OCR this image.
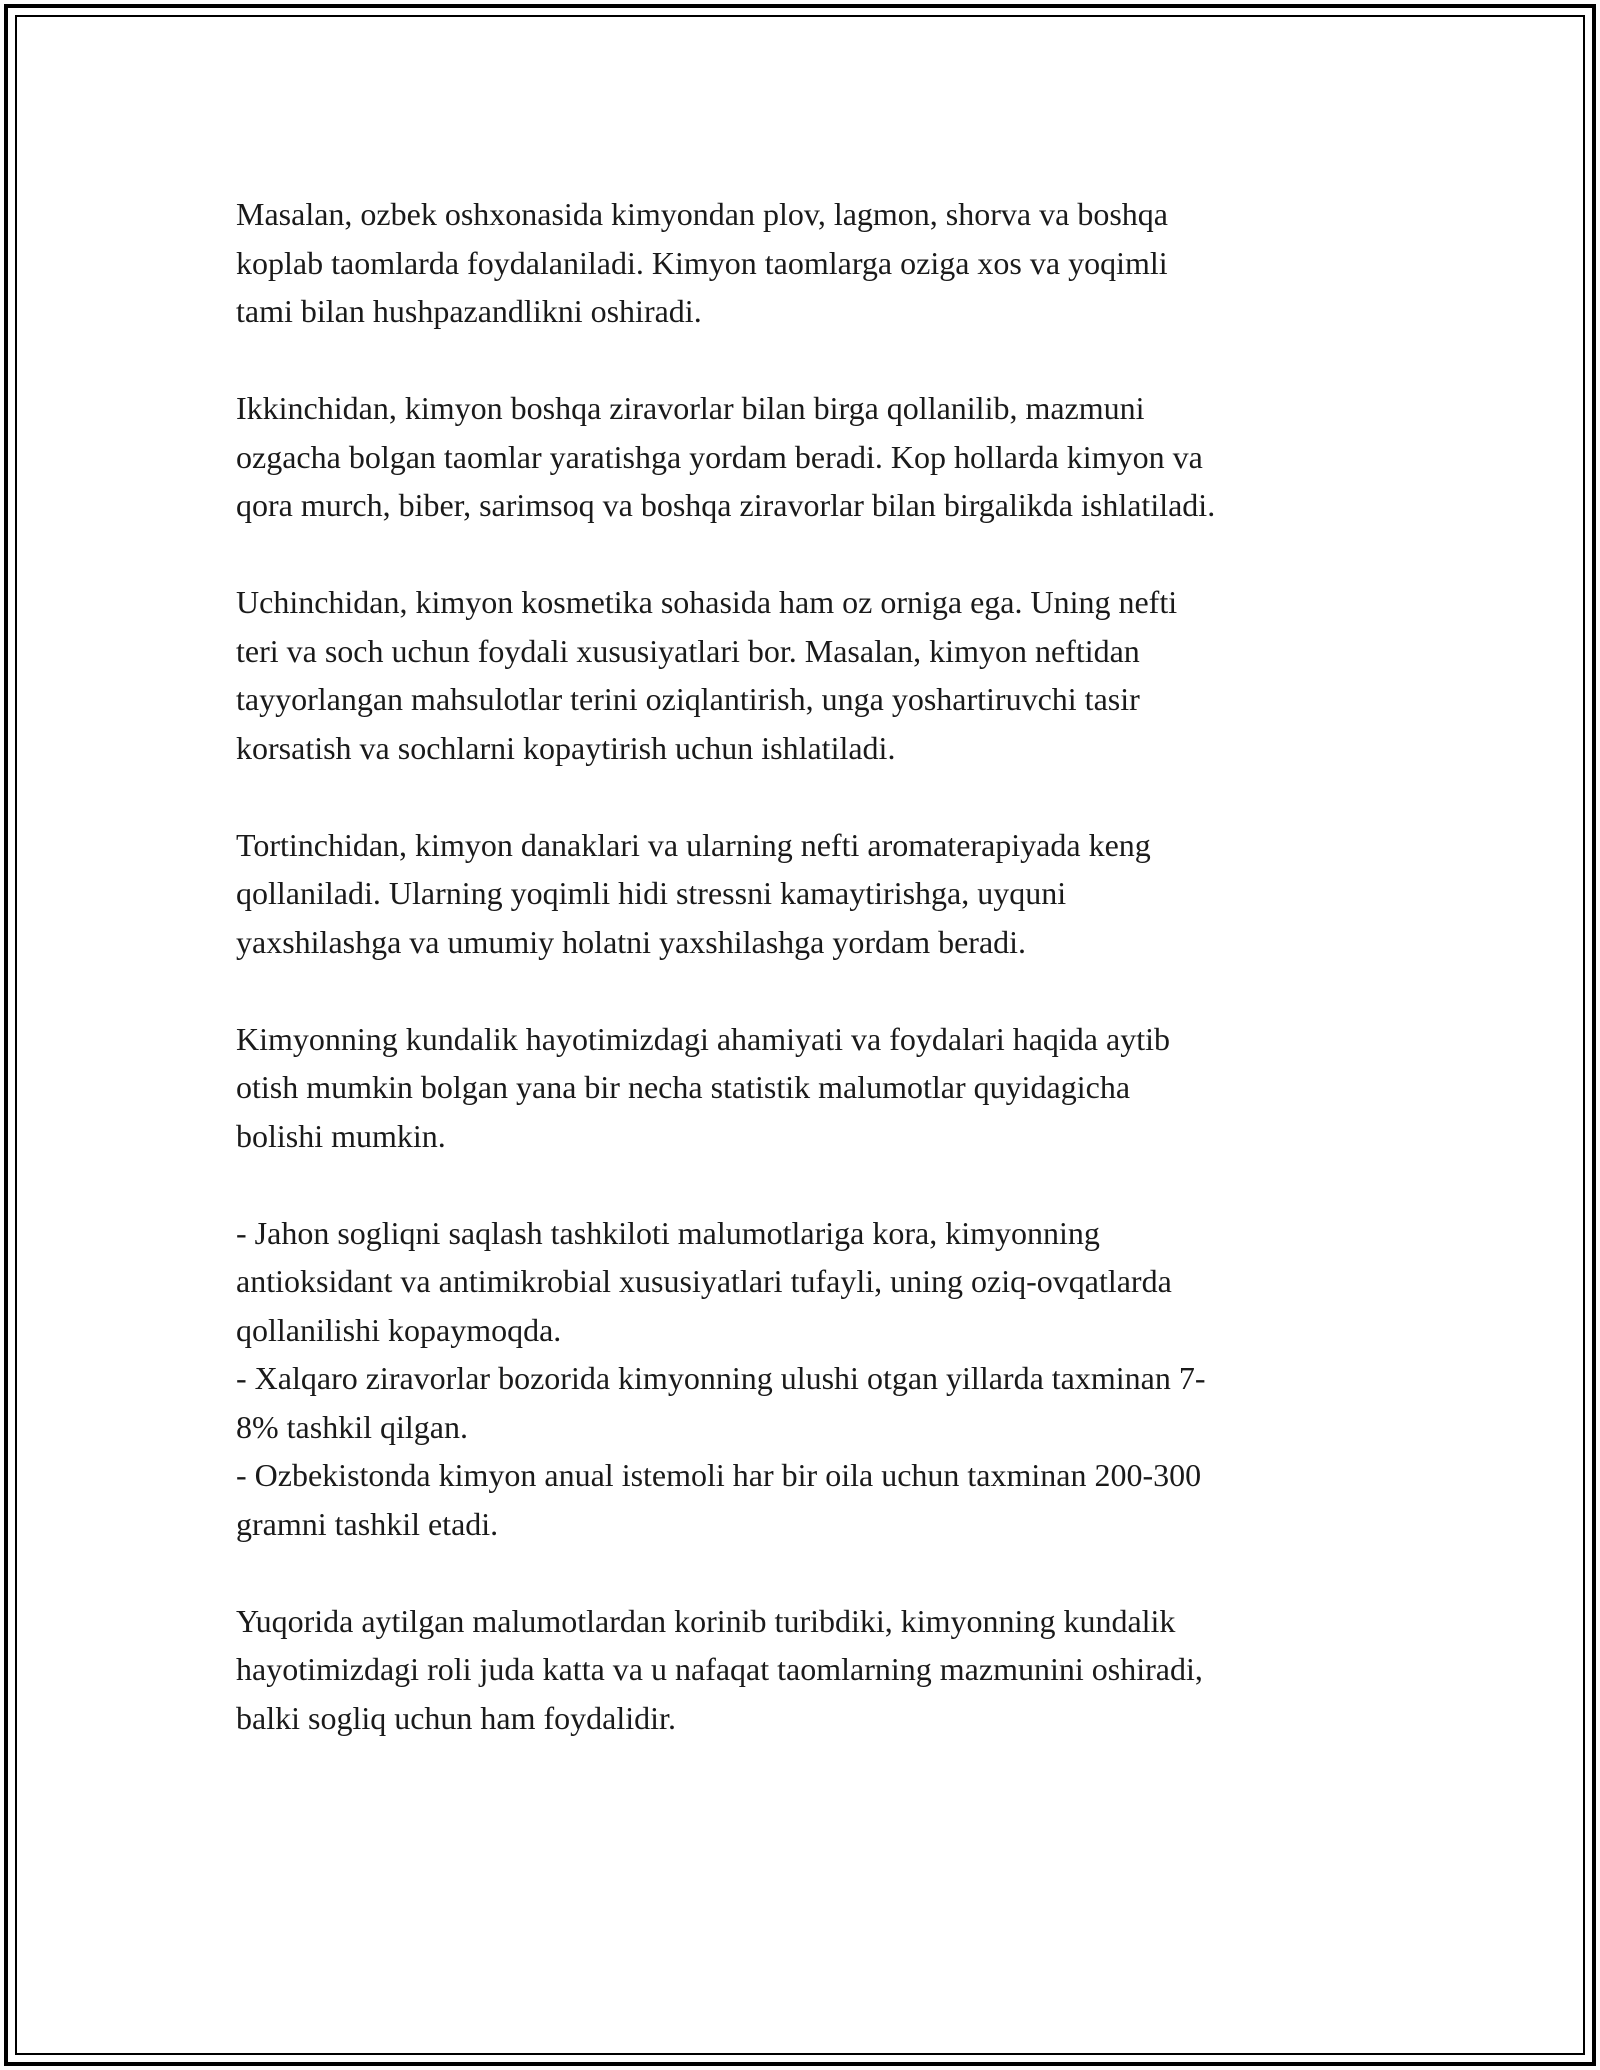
Masalan, ozbek oshxonasida kimyondan plov, lagmon, shorva va boshqa
koplab taomlarda foydalaniladi. Kimyon taomlarga oziga xos va yoqimli
tami bilan hushpazandlikni oshiradi.

Ikkinchidan, kimyon boshqa ziravorlar bilan birga qollanilib, mazmuni
ozgacha bolgan taomlar yaratishga yordam beradi. Kop hollarda kimyon va
qora murch, biber, sarimsoq va boshqa ziravorlar bilan birgalikda ishlatiladi.

Uchinchidan, kimyon kosmetika sohasida ham oz orniga ega. Uning nefti
teri va soch uchun foydali xususiyatlari bor. Masalan, kimyon neftidan
tayyorlangan mahsulotlar terini oziqlantirish, unga yoshartiruvchi tasir
korsatish va sochlarni kopaytirish uchun ishlatiladi.

Tortinchidan, kimyon danaklari va ularning nefti aromaterapiyada keng
qollaniladi. Ularning yoqimli hidi stressni kamaytirishga, uyquni
yaxshilashga va umumiy holatni yaxshilashga yordam beradi.

Kimyonning kundalik hayotimizdagi ahamiyati va foydalari haqida aytib
otish mumkin bolgan yana bir necha statistik malumotlar quyidagicha
bolishi mumkin.

- Jahon sogliqni saqlash tashkiloti malumotlariga kora, kimyonning
antioksidant va antimikrobial xususiyatlari tufayli, uning oziq-ovqatlarda
qollanilishi kopaymoqda.
- Xalqaro ziravorlar bozorida kimyonning ulushi otgan yillarda taxminan 7-
8% tashkil qilgan.
- Ozbekistonda kimyon anual istemoli har bir oila uchun taxminan 200-300
gramni tashkil etadi.

Yuqorida aytilgan malumotlardan korinib turibdiki, kimyonning kundalik
hayotimizdagi roli juda katta va u nafaqat taomlarning mazmunini oshiradi,
balki sogliq uchun ham foydalidir.
